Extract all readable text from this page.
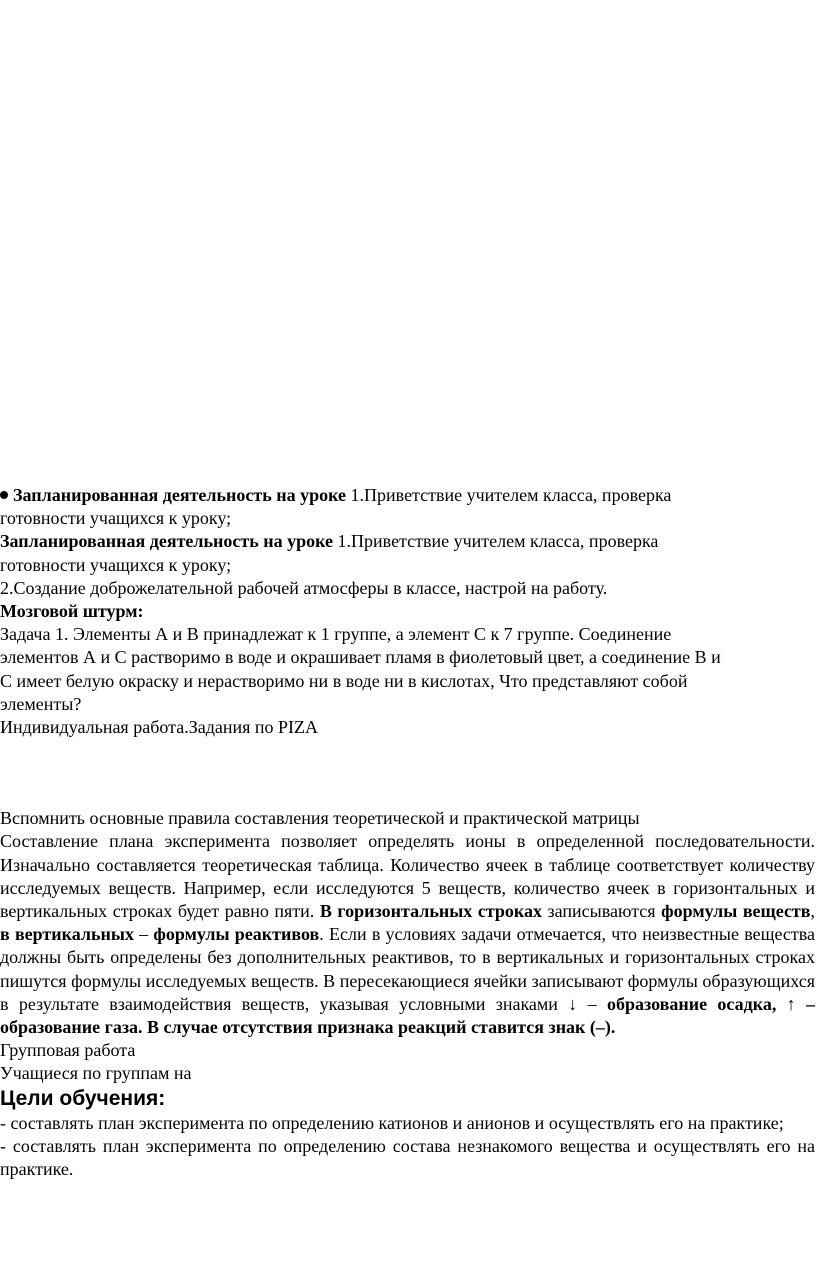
Запланированная деятельность на уроке 1.Приветствие учителем класса, проверка

готовности учащихся к уроку;

Запланированная деятельность на уроке 1.Приветствие учителем класса, проверка

готовности учащихся к уроку;

2.Создание доброжелательной рабочей атмосферы в классе, настрой на работу.

Мозговой штурм:

Задача 1. Элементы А и В принадлежат к 1 группе, а элемент С к 7 группе. Соединение

элементов А и С растворимо в воде и окрашивает пламя в фиолетовый цвет, а соединение В и

С имеет белую окраску и нерастворимо ни в воде ни в кислотах, Что представляют собой

элементы?

Индивидуальная работа.Задания по PIZA

Вспомнить основные правила составления теоретической и практической матрицы

Составление плана эксперимента позволяет определять ионы в определенной последовательности. Изначально составляется теоретическая таблица. Количество ячеек в таблице соответствует количеству исследуемых веществ. Например, если исследуются 5 веществ, количество ячеек в горизонтальных и вертикальных строках будет равно пяти. В горизонтальных строках записываются формулы веществ, в вертикальных – формулы реактивов. Если в условиях задачи отмечается, что неизвестные вещества должны быть определены без дополнительных реактивов, то в вертикальных и горизонтальных строках пишутся формулы исследуемых веществ. В пересекающиеся ячейки записывают формулы образующихся в результате взаимодействия веществ, указывая условными знаками ↓ – образование осадка, ↑ – образование газа. В случае отсутствия признака реакций ставится знак (–).

Групповая работа

Учащиеся по группам на

Цели обучения:

- составлять план эксперимента по определению катионов и анионов и осуществлять его на практике;

- составлять план эксперимента по определению состава незнакомого вещества и осуществлять его на практике.
